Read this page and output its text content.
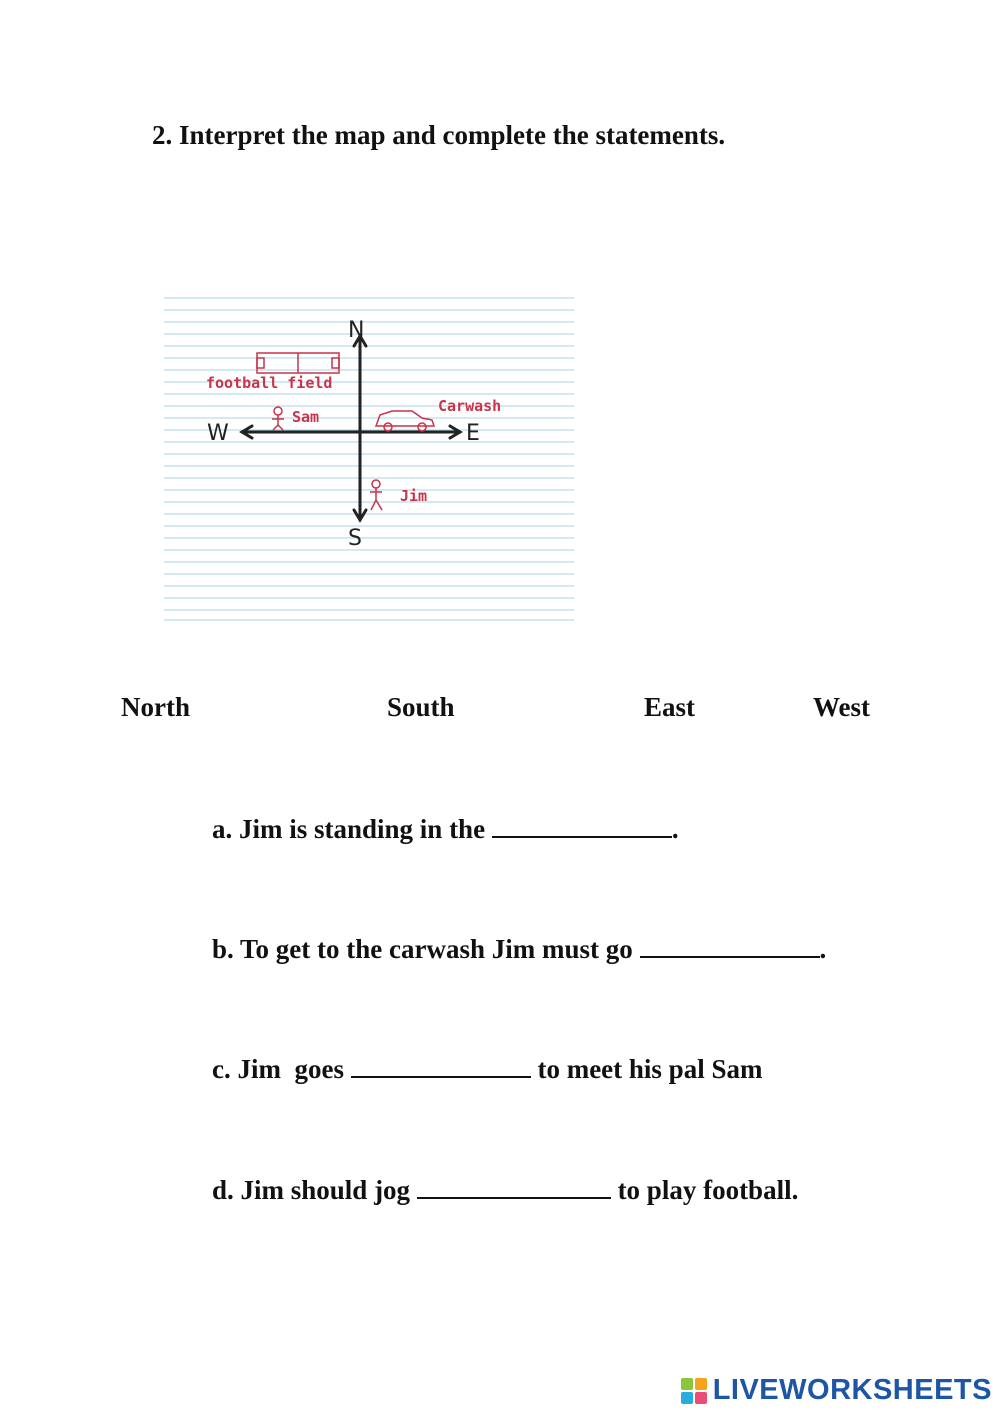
2. Interpret the map and complete the statements.
N
S
W	E
football field
Sam
Carwash
Jim
North	South	East	West
a. Jim is standing in the	.
b. To get to the carwash Jim must go	.
c. Jim  goes	to meet his pal Sam
d. Jim should jog	to play football.
LIVEWORKSHEETS
